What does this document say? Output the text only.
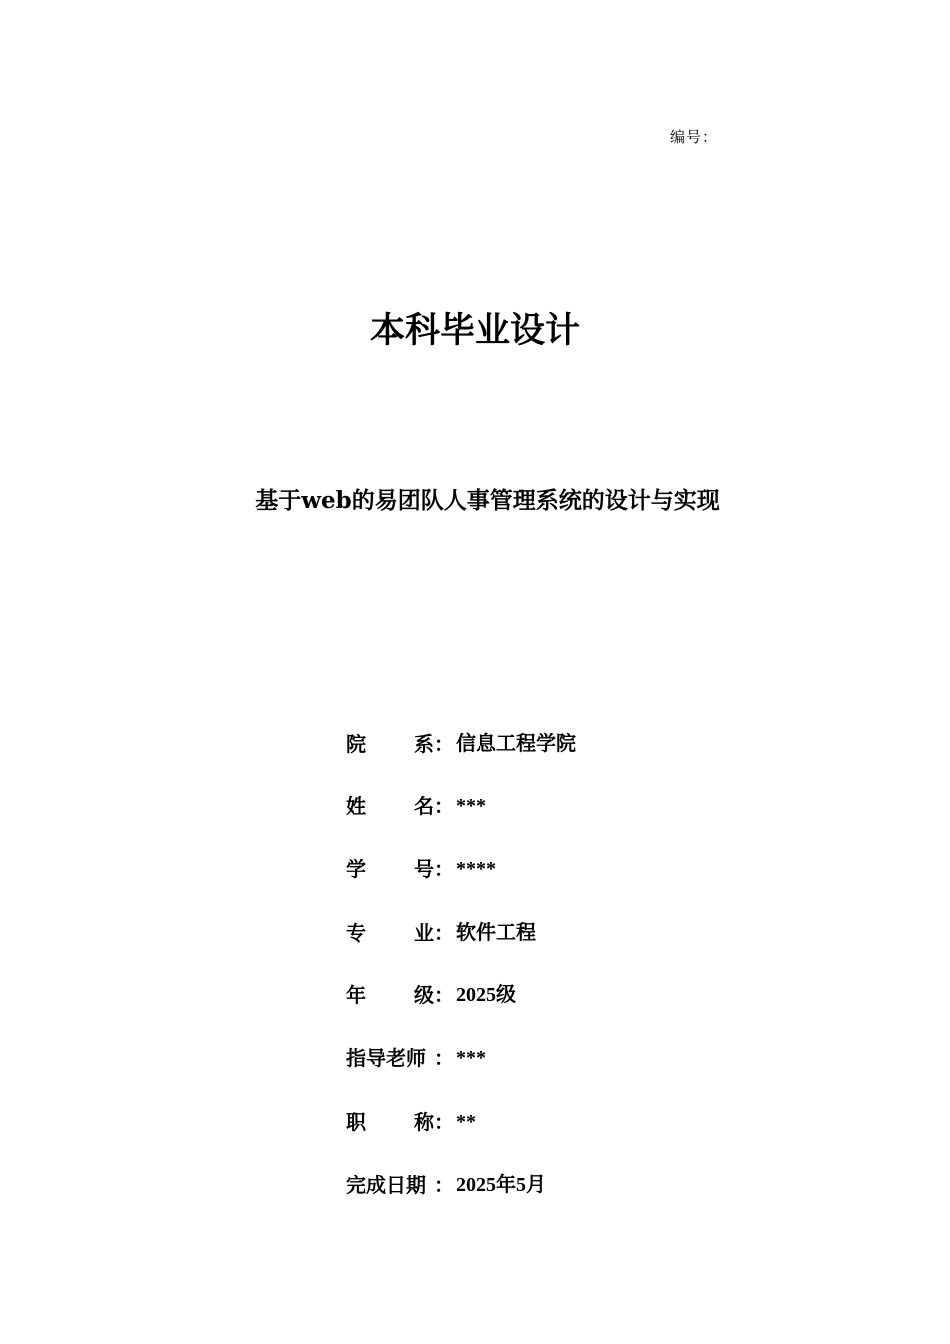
编号：
本科毕业设计
基于web的易团队人事管理系统的设计与实现
院 系 ： 信息工程学院
姓 名 ： ***
学 号 ： ****
专 业 ： 软件工程
年 级 ： 2025级
指导老师 ： ***
职 称 ： **
完成日期 ： 2025年5月
